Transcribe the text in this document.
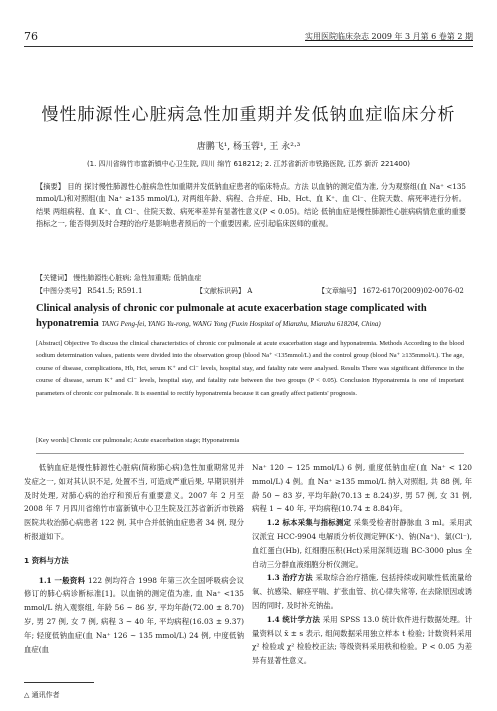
76	实用医院临床杂志 2009 年 3 月第 6 卷第 2 期
慢性肺源性心脏病急性加重期并发低钠血症临床分析
唐鹏飞¹, 杨玉蓉¹, 王 永²·³
(1. 四川省绵竹市富新镇中心卫生院, 四川 绵竹 618212; 2. 江苏省新沂市铁路医院, 江苏 新沂 221400)
【摘要】 目的 探讨慢性肺源性心脏病急性加重期并发低钠血症患者的临床特点。方法 以血钠的测定值为准, 分为观察组(血 Na⁺ <135 mmol/L)和对照组(血 Na⁺ ≥135 mmol/L), 对两组年龄、病程、合并症、Hb、Hct、血 K⁺、血 Cl⁻、住院天数、病死率进行分析。结果 两组病程、血 K⁺、血 Cl⁻、住院天数、病死率差异有显著性意义(P < 0.05)。结论 低钠血症是慢性肺源性心脏病病情危重的重要指标之一, 能否得到及时合理的治疗是影响患者预后的一个重要因素, 应引起临床医师的重视。
【关键词】 慢性肺源性心脏病; 急性加重期; 低钠血症
【中图分类号】 R541.5; R591.1	【文献标识码】 A	【文章编号】 1672-6170(2009)02-0076-02
Clinical analysis of chronic cor pulmonale at acute exacerbation stage complicated with hyponatremia TANG Peng-fei, YANG Yu-rong, WANG Yong (Fuxin Hospital of Mianzhu, Mianzhu 618204, China)
[Abstract] Objective To discuss the clinical characteristics of chronic cor pulmonale at acute exacerbation stage and hyponatremia. Methods According to the blood sodium determination values, patients were divided into the observation group (blood Na⁺ <135mmol/L) and the control group (blood Na⁺ ≥135mmol/L). The age, course of disease, complications, Hb, Hct, serum K⁺ and Cl⁻ levels, hospital stay, and fatality rate were analysed. Results There was significant difference in the course of disease, serum K⁺ and Cl⁻ levels, hospital stay, and fatality rate between the two groups (P < 0.05). Conclusion Hyponatremia is one of important parameters of chronic cor pulmonale. It is essential to rectify hyponatremia because it can greatly affect patients' prognosis.
[Key words] Chronic cor pulmonale; Acute exacerbation stage; Hyponatremia

低钠血症是慢性肺源性心脏病(简称肺心病)急性加重期常见并发症之一, 如对其认识不足, 处置不当, 可造成严重后果, 早期识别并及时处理, 对肺心病的治疗和预后有重要意义。2007 年 2 月至 2008 年 7 月四川省绵竹市富新镇中心卫生院及江苏省新沂市铁路医院共收治肺心病患者 122 例, 其中合并低钠血症患者 34 例, 现分析报道如下。

1 资料与方法

1.1 一般资料 122 例均符合 1998 年第三次全国呼吸病会议修订的肺心病诊断标准[1]。以血钠的测定值为准, 血 Na⁺ <135 mmol/L 纳入观察组, 年龄 56 ~ 86 岁, 平均年龄(72.00 ± 8.70)岁, 男 27 例, 女 7 例, 病程 3 ~ 40 年, 平均病程(16.03 ± 9.37)年; 轻度低钠血症(血 Na⁺ 126 ~ 135 mmol/L) 24 例, 中度低钠血症(血

Na⁺ 120 ~ 125 mmol/L) 6 例, 重度低钠血症(血 Na⁺ < 120 mmol/L) 4 例。血 Na⁺ ≥135 mmol/L 纳入对照组, 共 88 例, 年龄 50 ~ 83 岁, 平均年龄(70.13 ± 8.24)岁, 男 57 例, 女 31 例, 病程 1 ~ 40 年, 平均病程(10.74 ± 8.84)年。

1.2 标本采集与指标测定 采集受检者肘静脉血 3 ml。采用武汉派宜 HCC-9904 电解质分析仪测定钾(K⁺)、钠(Na⁺)、氯(Cl⁻), 血红蛋白(Hb), 红细胞压积(Hct)采用深圳迈瑞 BC-3000 plus 全自动三分群血液细胞分析仪测定。

1.3 治疗方法 采取综合治疗措施, 包括持续或间歇性低流量给氧、抗感染、解痉平喘、扩张血管、抗心律失常等, 在去除原因或诱因的同时, 及时补充钠盐。

1.4 统计学方法 采用 SPSS 13.0 统计软件进行数据处理。计量资料以 x̄ ± s 表示, 组间数据采用独立样本 t 检验; 计数资料采用 χ² 检验或 χ² 检验校正法; 等级资料采用秩和检验。P < 0.05 为差异有显著性意义。

△ 通讯作者
